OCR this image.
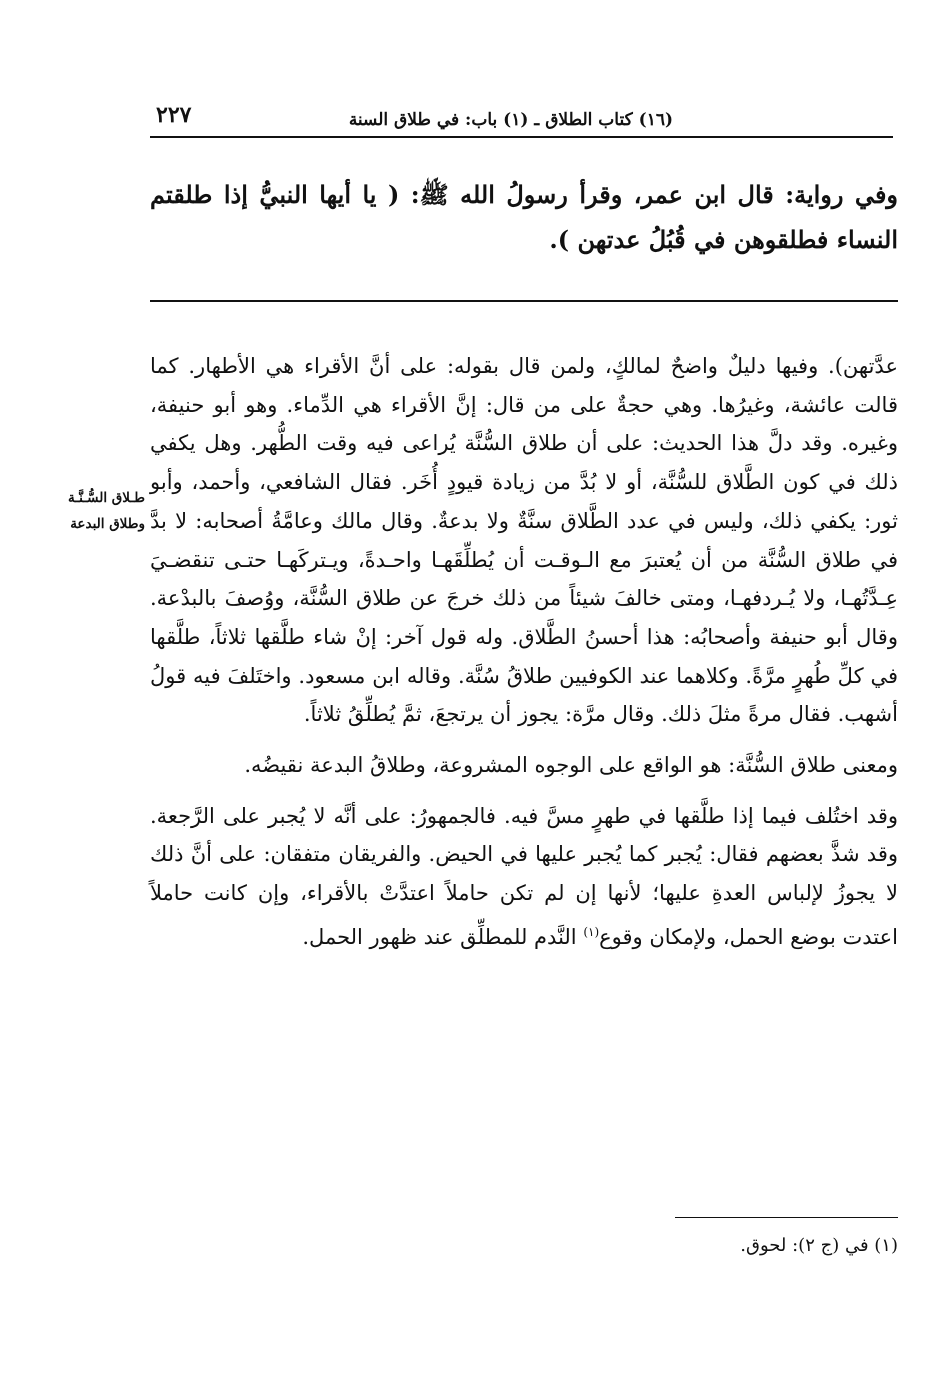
(١٦) كتاب الطلاق ـ (١) باب: في طلاق السنة
٢٢٧
وفي رواية: قال ابن عمر، وقرأ رسولُ الله ﷺ: ( يا أيها النبيُّ إذا طلقتم النساء فطلقوهن في قُبُلُ عدتهن ).

عدَّتهن). وفيها دليلٌ واضحٌ لمالكٍ، ولمن قال بقوله: على أنَّ الأقراء هي الأطهار. كما قالت عائشة، وغيرُها. وهي حجةٌ على من قال: إنَّ الأقراء هي الدِّماء. وهو أبو حنيفة، وغيره. وقد دلَّ هذا الحديث: على أن طلاق السُّنَّة يُراعى فيه وقت الطُّهر. وهل يكفي ذلك في كون الطَّلاق للسُّنَّة، أو لا بُدَّ من زيادة قيودٍ أُخَر. فقال الشافعي، وأحمد، وأبو ثور: يكفي ذلك، وليس في عدد الطَّلاق سنَّةٌ ولا بدعةٌ. وقال مالك وعامَّةُ أصحابه: لا بدَّ في طلاق السُّنَّة من أن يُعتبرَ مع الـوقـت أن يُطلِّقَهـا واحـدةً، ويـتركَهـا حتـى تنقضـيَ عِـدَّتُهـا، ولا يُـردفهـا، ومتى خالفَ شيئاً من ذلك خرجَ عن طلاق السُّنَّة، ووُصفَ بالبدْعة. وقال أبو حنيفة وأصحابُه: هذا أحسنُ الطَّلاق. وله قول آخر: إنْ شاء طلَّقها ثلاثاً، طلَّقها في كلِّ طُهرٍ مرَّةً. وكلاهما عند الكوفيين طلاقُ سُنَّة. وقاله ابن مسعود. واختَلفَ فيه قولُ أشهب. فقال مرةً مثلَ ذلك. وقال مرَّة: يجوز أن يرتجعَ، ثمَّ يُطلِّقُ ثلاثاً.

ومعنى طلاق السُّنَّة: هو الواقع على الوجوه المشروعة، وطلاقُ البدعة نقيضُه.

وقد اختُلف فيما إذا طلَّقها في طهرٍ مسَّ فيه. فالجمهورُ: على أنَّه لا يُجبر على الرَّجعة. وقد شذَّ بعضهم فقال: يُجبر كما يُجبر عليها في الحيض. والفريقان متفقان: على أنَّ ذلك لا يجوزُ لإلباس العدةِ عليها؛ لأنها إن لم تكن حاملاً اعتدَّتْ بالأقراء، وإن كانت حاملاً اعتدت بوضع الحمل، ولإمكان وقوع$^{(١)}$ النَّدم للمطلِّق عند ظهور الحمل.

طـلاق السُّـنَّـة
وطلاق البدعة
(١) في (ج ٢): لحوق.
